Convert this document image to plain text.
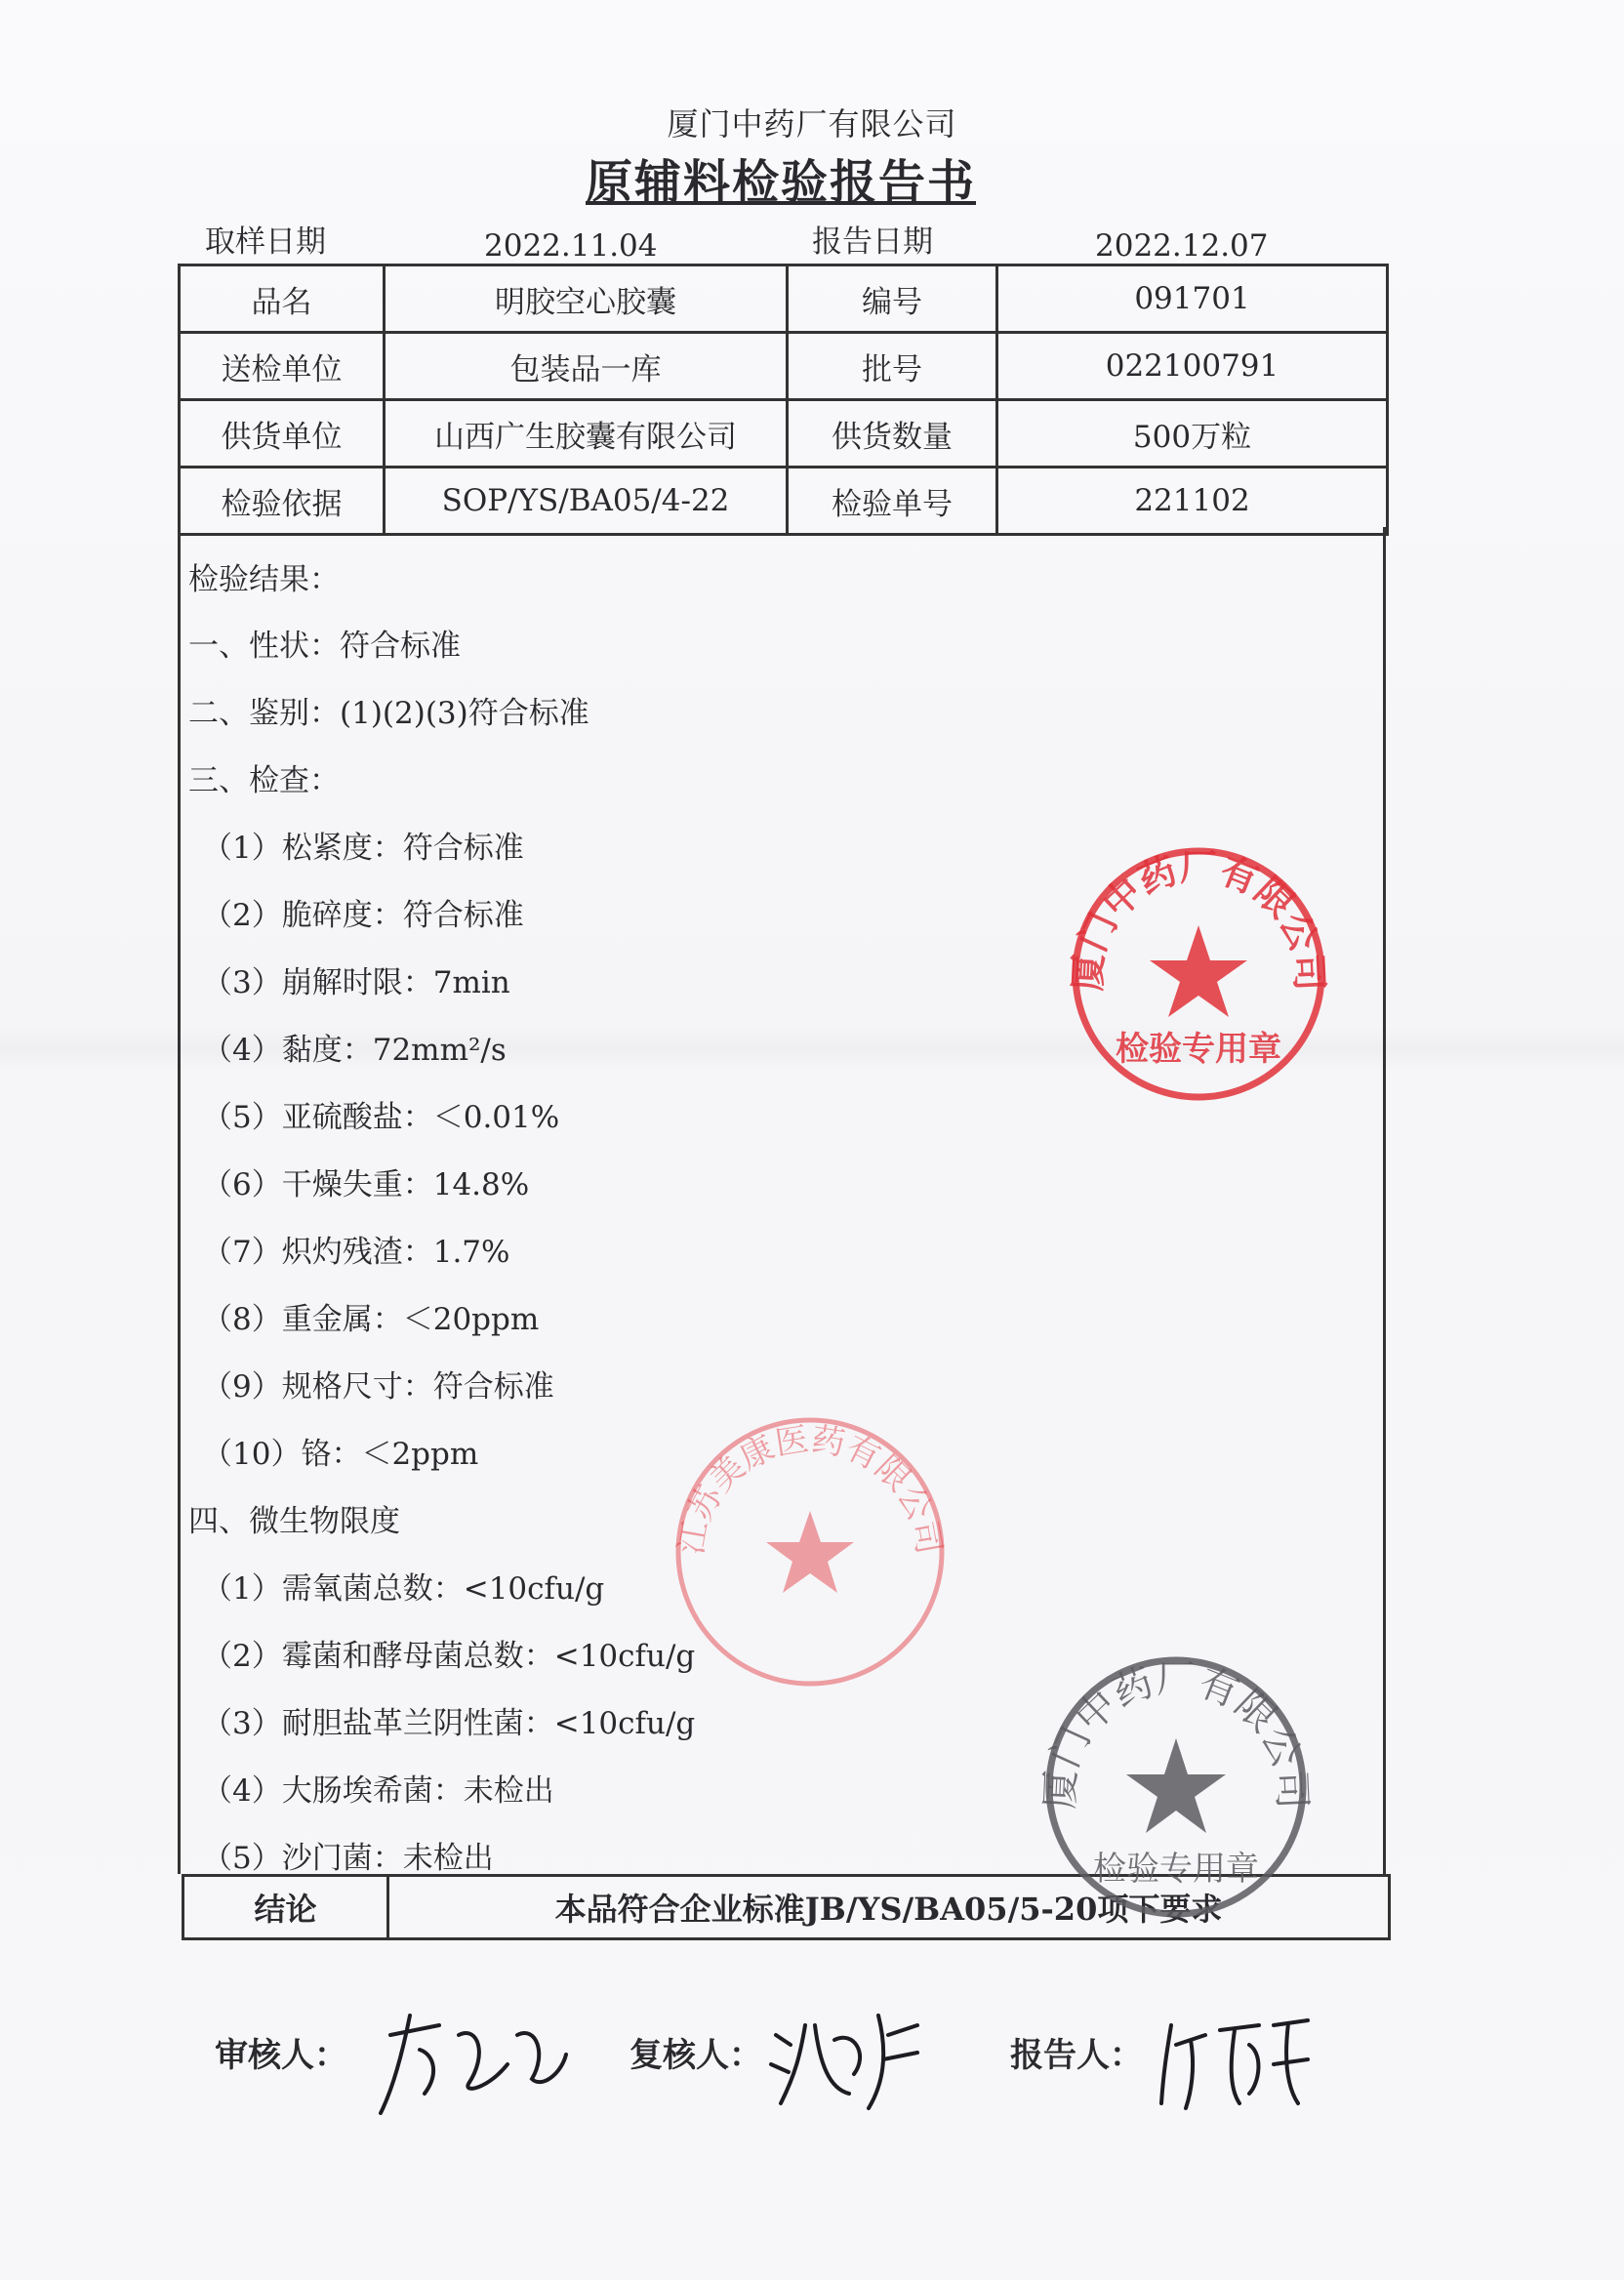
厦门中药厂有限公司
原辅料检验报告书
取样日期	2022.11.04	报告日期	2022.12.07
品名	明胶空心胶囊	编号	091701
送检单位	包装品一库	批号	022100791
供货单位	山西广生胶囊有限公司	供货数量	500万粒
检验依据	SOP/YS/BA05/4-22	检验单号	221102
检验结果：
一、性状：符合标准
二、鉴别：(1)(2)(3)符合标准
三、检查：
（1）松紧度：符合标准
（2）脆碎度：符合标准
（3）崩解时限：7min
（4）黏度：72mm²/s
（5）亚硫酸盐：＜0.01%
（6）干燥失重：14.8%
（7）炽灼残渣：1.7%
（8）重金属：＜20ppm
（9）规格尺寸：符合标准
（10）铬：＜2ppm
四、微生物限度
（1）需氧菌总数：<10cfu/g
（2）霉菌和酵母菌总数：<10cfu/g
（3）耐胆盐革兰阴性菌：<10cfu/g
（4）大肠埃希菌：未检出
（5）沙门菌：未检出
结论	本品符合企业标准JB/YS/BA05/5-20项下要求
厦门中药厂有限公司
检验专用章
江苏美康医药有限公司
厦门中药厂有限公司
检验专用章
审核人：	复核人：	报告人：
